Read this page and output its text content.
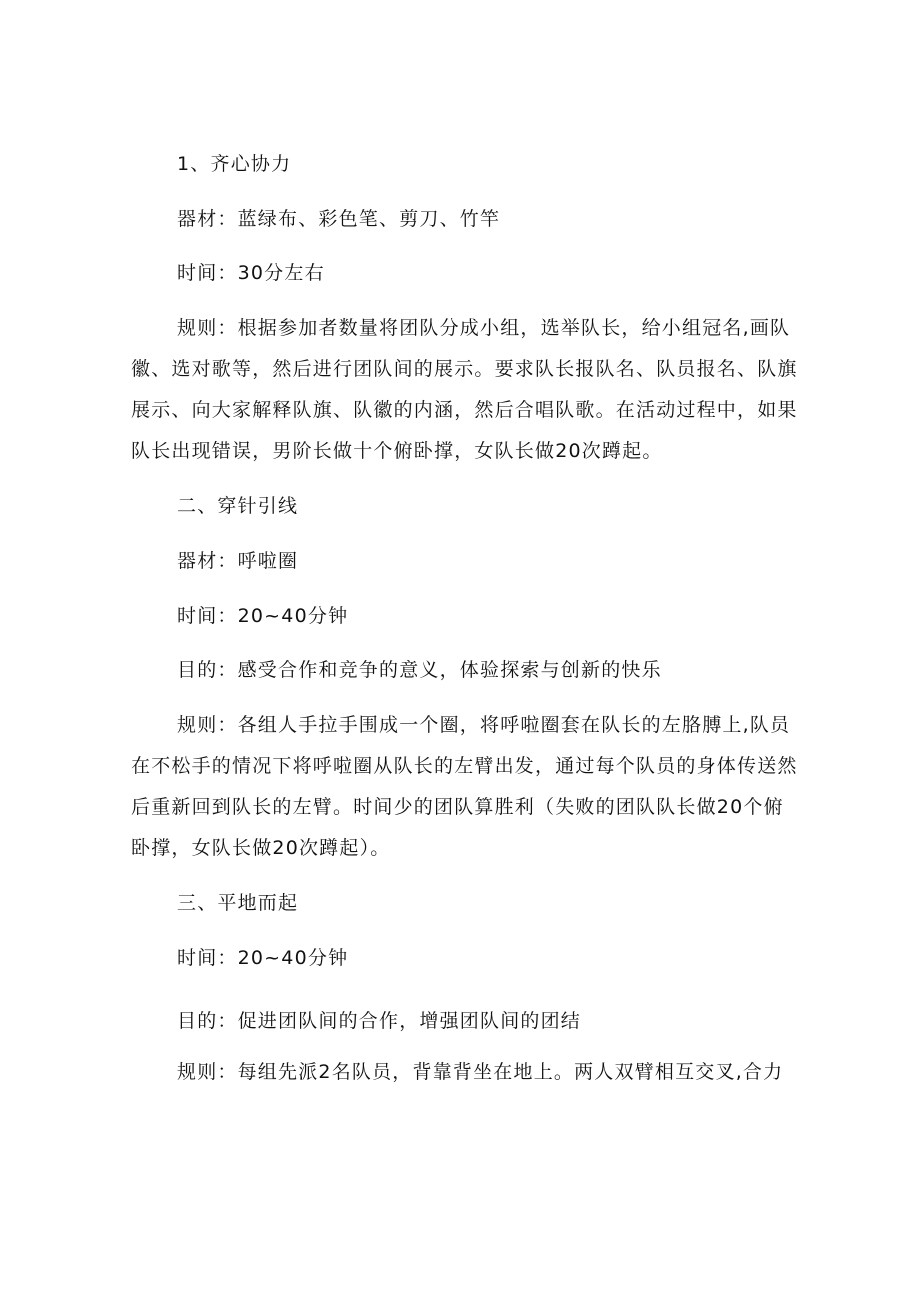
1、齐心协力
器材：蓝绿布、彩色笔、剪刀、竹竿
时间：30分左右
规则：根据参加者数量将团队分成小组，选举队长，给小组冠名,画队
徽、选对歌等，然后进行团队间的展示。要求队长报队名、队员报名、队旗
展示、向大家解释队旗、队徽的内涵，然后合唱队歌。在活动过程中，如果
队长出现错误，男阶长做十个俯卧撑，女队长做20次蹲起。
二、穿针引线
器材：呼啦圈
时间：20~40分钟
目的：感受合作和竞争的意义，体验探索与创新的快乐
规则：各组人手拉手围成一个圈，将呼啦圈套在队长的左胳膊上,队员
在不松手的情况下将呼啦圈从队长的左臂出发，通过每个队员的身体传送然
后重新回到队长的左臂。时间少的团队算胜利（失败的团队队长做20个俯
卧撑，女队长做20次蹲起）。
三、平地而起
时间：20~40分钟
目的：促进团队间的合作，增强团队间的团结
规则：每组先派2名队员，背靠背坐在地上。两人双臂相互交叉,合力
